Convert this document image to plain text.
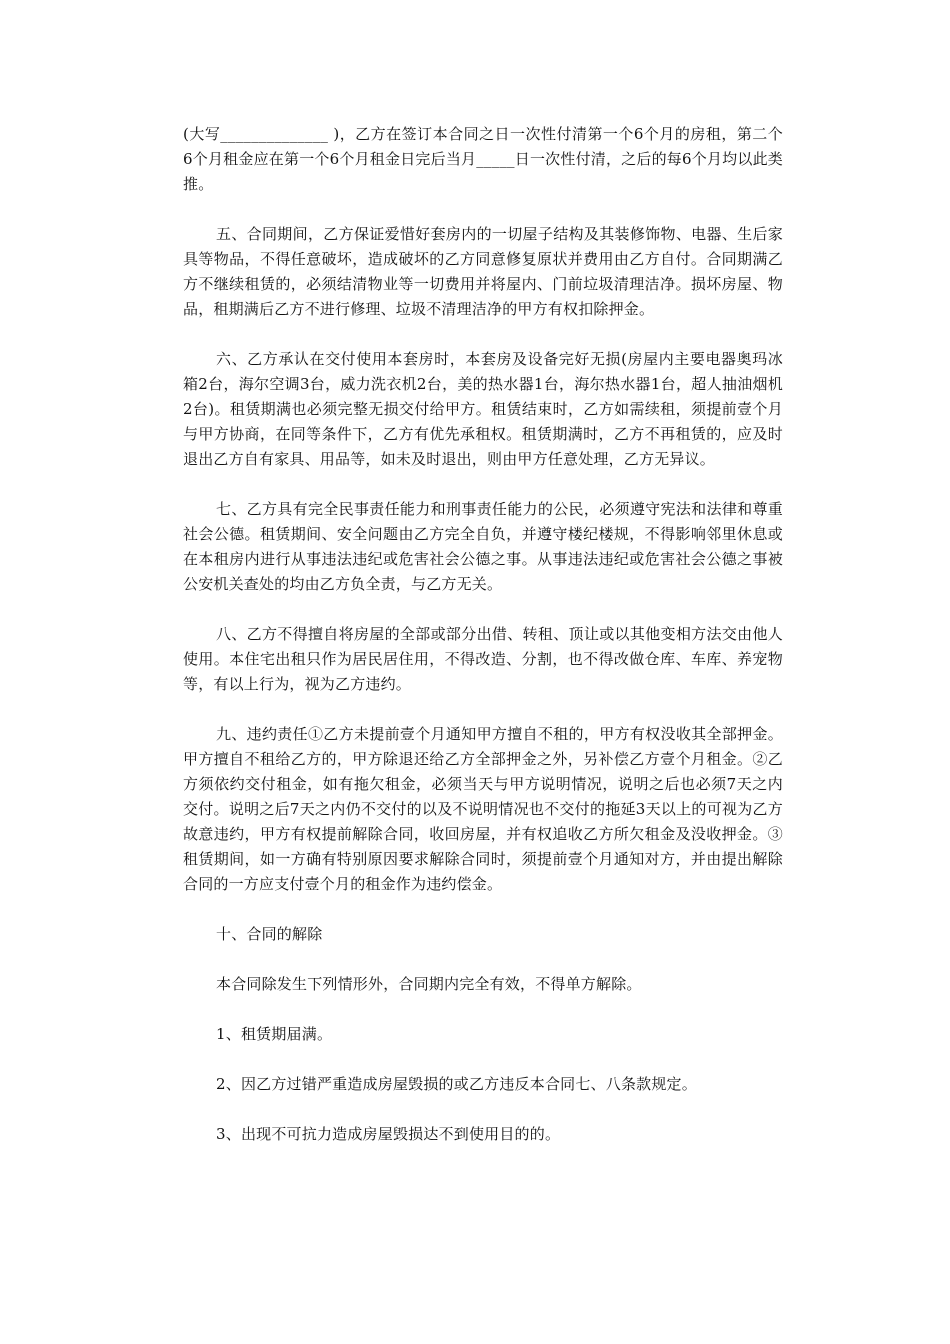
(大写______________ )，乙方在签订本合同之日一次性付清第一个6个月的房租，第二个6个月租金应在第一个6个月租金日完后当月_____日一次性付清，之后的每6个月均以此类推。

五、合同期间，乙方保证爱惜好套房内的一切屋子结构及其装修饰物、电器、生后家具等物品，不得任意破坏，造成破坏的乙方同意修复原状并费用由乙方自付。合同期满乙方不继续租赁的，必须结清物业等一切费用并将屋内、门前垃圾清理洁净。损坏房屋、物品，租期满后乙方不进行修理、垃圾不清理洁净的甲方有权扣除押金。

六、乙方承认在交付使用本套房时，本套房及设备完好无损(房屋内主要电器奥玛冰箱2台，海尔空调3台，威力洗衣机2台，美的热水器1台，海尔热水器1台，超人抽油烟机2台)。租赁期满也必须完整无损交付给甲方。租赁结束时，乙方如需续租，须提前壹个月与甲方协商，在同等条件下，乙方有优先承租权。租赁期满时，乙方不再租赁的，应及时退出乙方自有家具、用品等，如未及时退出，则由甲方任意处理，乙方无异议。

七、乙方具有完全民事责任能力和刑事责任能力的公民，必须遵守宪法和法律和尊重社会公德。租赁期间、安全问题由乙方完全自负，并遵守楼纪楼规，不得影响邻里休息或在本租房内进行从事违法违纪或危害社会公德之事。从事违法违纪或危害社会公德之事被公安机关查处的均由乙方负全责，与乙方无关。

八、乙方不得擅自将房屋的全部或部分出借、转租、顶让或以其他变相方法交由他人使用。本住宅出租只作为居民居住用，不得改造、分割，也不得改做仓库、车库、养宠物等，有以上行为，视为乙方违约。

九、违约责任①乙方未提前壹个月通知甲方擅自不租的，甲方有权没收其全部押金。甲方擅自不租给乙方的，甲方除退还给乙方全部押金之外，另补偿乙方壹个月租金。②乙方须依约交付租金，如有拖欠租金，必须当天与甲方说明情况，说明之后也必须7天之内交付。说明之后7天之内仍不交付的以及不说明情况也不交付的拖延3天以上的可视为乙方故意违约，甲方有权提前解除合同，收回房屋，并有权追收乙方所欠租金及没收押金。③租赁期间，如一方确有特别原因要求解除合同时，须提前壹个月通知对方，并由提出解除合同的一方应支付壹个月的租金作为违约偿金。

十、合同的解除

本合同除发生下列情形外，合同期内完全有效，不得单方解除。

1、租赁期届满。

2、因乙方过错严重造成房屋毁损的或乙方违反本合同七、八条款规定。

3、出现不可抗力造成房屋毁损达不到使用目的的。
